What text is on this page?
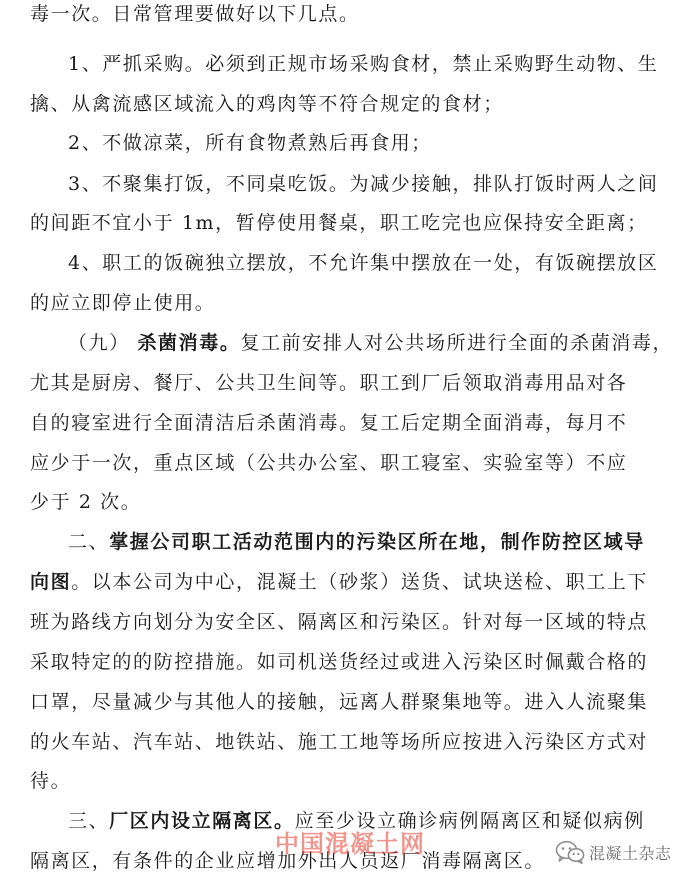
毒一次。日常管理要做好以下几点。
1、严抓采购。必须到正规市场采购食材，禁止采购野生动物、生
擒、从禽流感区域流入的鸡肉等不符合规定的食材；
2、不做凉菜，所有食物煮熟后再食用；
3、不聚集打饭，不同桌吃饭。为减少接触，排队打饭时两人之间
的间距不宜小于 1m，暂停使用餐桌，职工吃完也应保持安全距离；
4、职工的饭碗独立摆放，不允许集中摆放在一处，有饭碗摆放区
的应立即停止使用。
（九） 杀菌消毒。复工前安排人对公共场所进行全面的杀菌消毒，
尤其是厨房、餐厅、公共卫生间等。职工到厂后领取消毒用品对各
自的寝室进行全面清洁后杀菌消毒。复工后定期全面消毒，每月不
应少于一次，重点区域（公共办公室、职工寝室、实验室等）不应
少于 2 次。
二、掌握公司职工活动范围内的污染区所在地，制作防控区域导
向图。以本公司为中心，混凝土（砂浆）送货、试块送检、职工上下
班为路线方向划分为安全区、隔离区和污染区。针对每一区域的特点
采取特定的的防控措施。如司机送货经过或进入污染区时佩戴合格的
口罩，尽量减少与其他人的接触，远离人群聚集地等。进入人流聚集
的火车站、汽车站、地铁站、施工工地等场所应按进入污染区方式对
待。
三、厂区内设立隔离区。应至少设立确诊病例隔离区和疑似病例
隔离区，有条件的企业应增加外出人员返厂消毒隔离区。
中国混凝土网	混凝土杂志
